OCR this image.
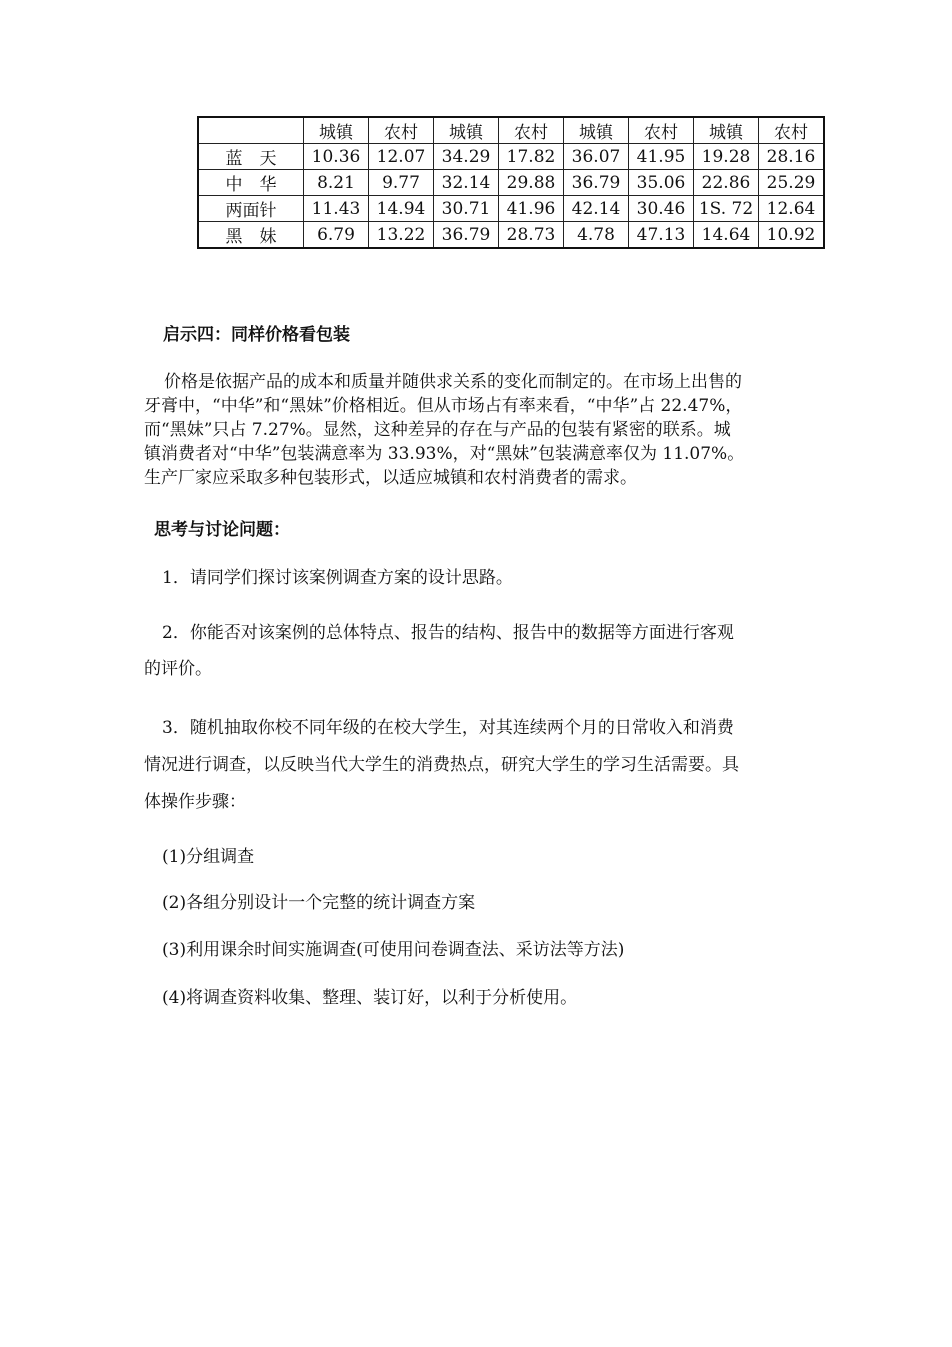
	城镇	农村	城镇	农村	城镇	农村	城镇	农村
蓝　天	10.36	12.07	34.29	17.82	36.07	41.95	19.28	28.16
中　华	8.21	9.77	32.14	29.88	36.79	35.06	22.86	25.29
两面针	11.43	14.94	30.71	41.96	42.14	30.46	1S. 72	12.64
黑　妹	6.79	13.22	36.79	28.73	4.78	47.13	14.64	10.92
启示四：同样价格看包装

价格是依据产品的成本和质量并随供求关系的变化而制定的。在市场上出售的

牙膏中，“中华”和“黑妹”价格相近。但从市场占有率来看，“中华”占 22.47%，

而“黑妹”只占 7.27%。显然，这种差异的存在与产品的包装有紧密的联系。城

镇消费者对“中华”包装满意率为 33.93%，对“黑妹”包装满意率仅为 11.07%。

生产厂家应采取多种包装形式，以适应城镇和农村消费者的需求。

思考与讨论问题：
1．请同学们探讨该案例调查方案的设计思路。
2．你能否对该案例的总体特点、报告的结构、报告中的数据等方面进行客观
的评价。
3．随机抽取你校不同年级的在校大学生，对其连续两个月的日常收入和消费
情况进行调查，以反映当代大学生的消费热点，研究大学生的学习生活需要。具
体操作步骤：
(1)分组调查
(2)各组分别设计一个完整的统计调查方案
(3)利用课余时间实施调查(可使用问卷调查法、采访法等方法)
(4)将调查资料收集、整理、装订好，以利于分析使用。
